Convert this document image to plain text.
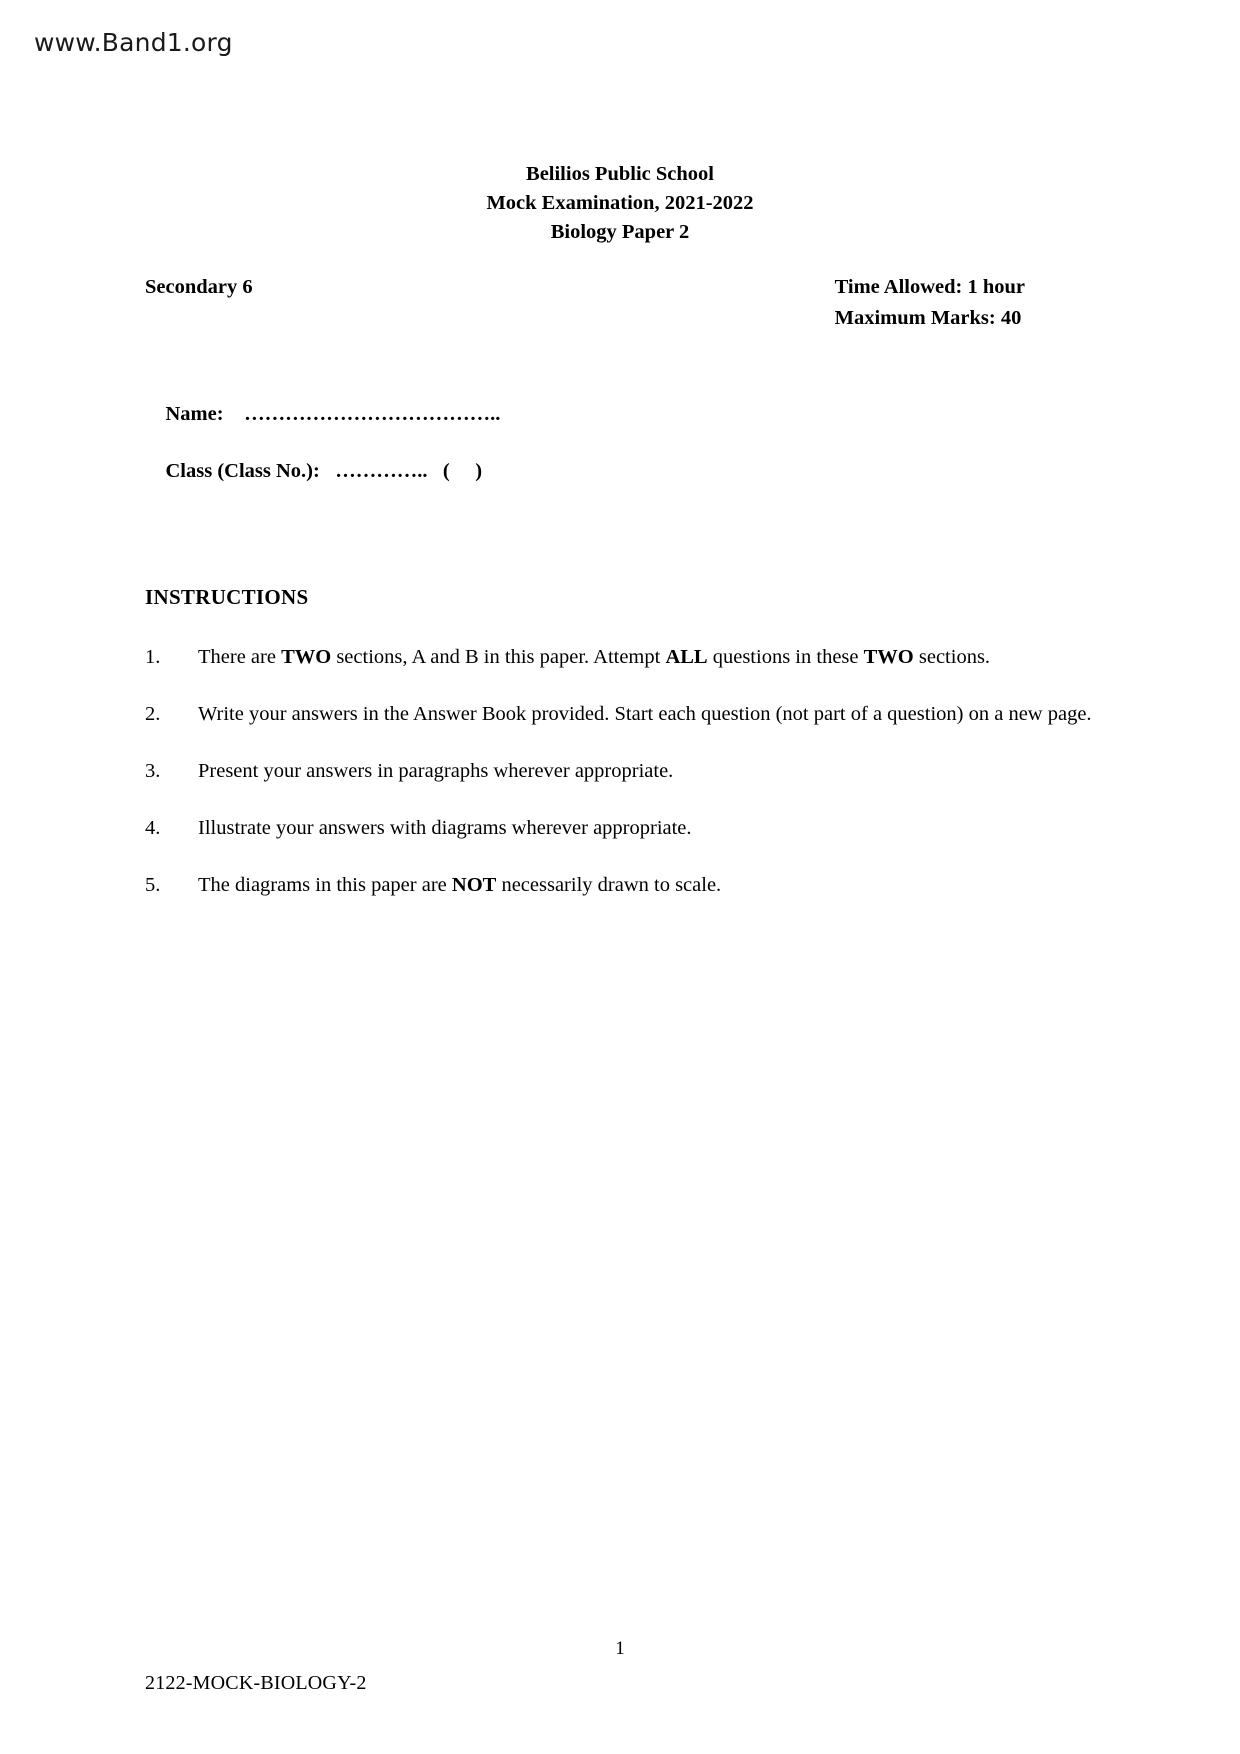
www.Band1.org
Belilios Public School
Mock Examination, 2021-2022
Biology Paper 2
Secondary 6	Time Allowed: 1 hour
Maximum Marks: 40

Name: ………………………………..

Class (Class No.): ………….. ( )

INSTRUCTIONS
1.	There are TWO sections, A and B in this paper. Attempt ALL questions in these TWO sections.
2.	Write your answers in the Answer Book provided. Start each question (not part of a question) on a new page.
3.	Present your answers in paragraphs wherever appropriate.
4.	Illustrate your answers with diagrams wherever appropriate.
5.	The diagrams in this paper are NOT necessarily drawn to scale.
1
2122-MOCK-BIOLOGY-2
